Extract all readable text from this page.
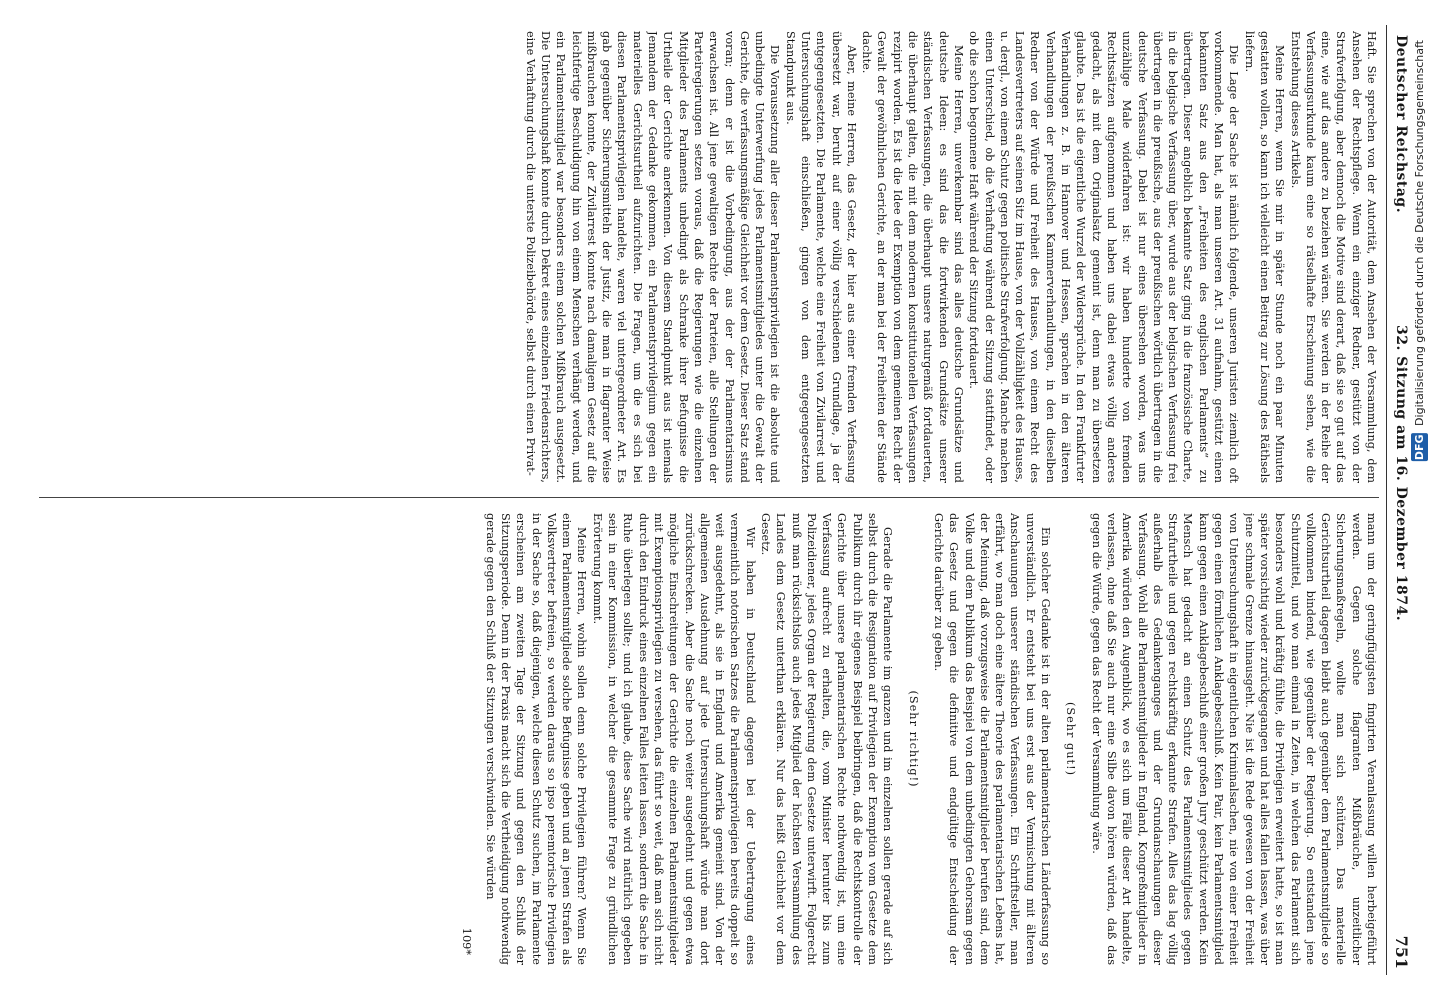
Deutscher Reichstag.
32. Sitzung am 16. Dezember 1874.
751

Haft. Sie sprechen von der Autorität, dem Ansehen der Versammlung, dem Ansehen der Rechtspflege. Wenn ein einziger Redner, gestützt von der Strafverfolgung, aber dennoch die Motive sind derart, daß sie so gut auf das eine, wie auf das andere zu beziehen wären. Sie werden in der Reihe der Verfassungsurkunde kaum eine so rätselhafte Erscheinung sehen, wie die Entstehung dieses Artikels.

Meine Herren, wenn Sie mir in später Stunde noch ein paar Minuten gestatten wollen, so kann ich vielleicht einen Beitrag zur Lösung des Räthsels liefern.

Die Lage der Sache ist nämlich folgende, unseren Juristen ziemlich oft vorkommende. Man hat, als man unseren Art. 31 aufnahm, gestützt einen bekannten Satz aus den „Freiheiten des englischen Parlaments“ zu übertragen. Dieser angeblich bekannte Satz ging in die französische Charte, in die belgische Verfassung über, wurde aus der belgischen Verfassung frei übertragen in die preußische, aus der preußischen wörtlich übertragen in die deutsche Verfassung. Dabei ist nur eines übersehen worden, was uns unzählige Male widerfahren ist: wir haben hunderte von fremden Rechtssätzen aufgenommen und haben uns dabei etwas völlig anderes gedacht, als mit dem Originalsatz gemeint ist, denn man zu übersetzen glaubte. Das ist die eigentliche Wurzel der Widersprüche. In den Frankfurter Verhandlungen z. B. in Hannover und Hessen, sprachen in den älteren Verhandlungen der preußischen Kammerverhandlungen, in den dieselben Redner von der Würde und Freiheit des Hauses, von einem Recht des Landesvertreters auf seinen Sitz im Hause, von der Vollzähligkeit des Hauses, u. dergl., von einem Schutz gegen politische Strafverfolgung. Manche machen einen Unterschied, ob die Verhaftung während der Sitzung stattfindet, oder ob die schon begonnene Haft während der Sitzung fortdauert.

Meine Herren, unverkennbar sind das alles deutsche Grundsätze und deutsche Ideen: es sind das die fortwirkenden Grundsätze unserer ständischen Verfassungen, die überhaupt unsere naturgemäß fortdauerten, die überhaupt galten, die mit dem modernen konstitutionellen Verfassungen rezipirt worden. Es ist die Idee der Exemption von dem gemeinen Recht der Gewalt der gewöhnlichen Gerichte, an der man bei der Freiheiten der Stände dachte.

Aber, meine Herren, das Gesetz, der hier aus einer fremden Verfassung übersetzt war, beruht auf einer völlig verschiedenen Grundlage, ja der entgegengesetzten. Die Parlamente, welche eine Freiheit von Zivilarrest und Untersuchungshaft einschließen, gingen von dem entgegengesetzten Standpunkt aus.

Die Voraussetzung aller dieser Parlamentsprivilegien ist die absolute und unbedingte Unterwerfung jedes Parlamentsmitgliedes unter die Gewalt der Gerichte, die verfassungsmäßige Gleichheit vor dem Gesetz. Dieser Satz stand voran; denn er ist die Vorbedingung, aus der der Parlamentarismus erwachsen ist. All jene gewaltigen Rechte der Parteien, alle Stellungen der Parteiregierungen setzen voraus, daß die Regierungen wie die einzelnen Mitglieder des Parlaments unbedingt als Schranke ihrer Befugnisse die Urtheile der Gerichte anerkennen. Von diesem Standpunkt aus ist niemals Jemandem der Gedanke gekommen, ein Parlamentsprivilegium gegen ein materielles Gerichtsurtheil aufzurichten. Die Fragen, um die es sich bei diesen Parlamentsprivilegien handelte, waren viel untergeordneter Art. Es gab gegenüber Sicherungsmitteln der Justiz, die man in flagranter Weise mißbrauchen konnte, der Zivilarrest konnte nach damaligem Gesetz auf die leichtfertige Beschuldigung hin von einem Menschen verhängt werden, und ein Parlamentsmitglied war besonders einem solchen Mißbrauch ausgesetzt. Die Untersuchungshaft konnte durch Dekret eines einzelnen Friedensrichters, eine Verhaftung durch die unterste Polizeibehörde, selbst durch einen Privat-

mann um der geringfügigsten fingirten Veranlassung willen herbeigeführt werden. Gegen solche flagranten Mißbräuche, unzeitlicher Sicherungsmaßregeln, wollte man sich schützen. Das materielle Gerichtsurtheil dagegen bleibt auch gegenüber dem Parlamentsmitgliede so vollkommen bindend, wie gegenüber der Regierung. So entstanden jene Schutzmittel, und wo man einmal in Zeiten, in welchen das Parlament sich besonders wohl und kräftig fühlte, die Privilegien erweitert hatte, so ist man später vorsichtig wieder zurückgegangen und hat alles fallen lassen, was über jene schmale Grenze hinausgeht. Nie ist die Rede gewesen von der Freiheit von Untersuchungshaft in eigentlichen Kriminalsachen, nie von einer Freiheit gegen einen förmlichen Anklagebeschluß. Kein Pair, kein Parlamentsmitglied kann gegen einen Anklagebeschluß einer großen Jury geschützt werden. Kein Mensch hat gedacht an einen Schutz des Parlamentsmitgliedes gegen Strafurtheile und gegen rechtskräftig erkannte Strafen. Alles das lag völlig außerhalb des Gedankenganges und der Grundanschauungen dieser Verfassung. Wohl alle Parlamentsmitglieder in England, Kongreßmitglieder in Amerika würden den Augenblick, wo es sich um Fälle dieser Art handelte, verlassen, ohne daß Sie auch nur eine Silbe davon hören würden, daß das gegen die Würde, gegen das Recht der Versammlung wäre.

(Sehr gut!)

Ein solcher Gedanke ist in der alten parlamentarischen Länderfassung so unverständlich. Er entsteht bei uns erst aus der Vermischung mit älteren Anschauungen unserer ständischen Verfassungen. Ein Schriftsteller, man erfährt, wo man doch eine ältere Theorie des parlamentarischen Lebens hat, der Meinung, daß vorzugsweise die Parlamentsmitglieder berufen sind, dem Volke und dem Publikum das Beispiel von dem unbedingten Gehorsam gegen das Gesetz und gegen die definitive und endgültige Entscheidung der Gerichte darüber zu geben.

(Sehr richtig!)

Gerade die Parlamente im ganzen und im einzelnen sollen gerade auf sich selbst durch die Resignation auf Privilegien der Exemption vom Gesetze dem Publikum durch ihr eigenes Beispiel beibringen, daß die Rechtskontrolle der Gerichte über unsere parlamentarischen Rechte nothwendig ist, um eine Verfassung aufrecht zu erhalten, die, vom Minister herunter bis zum Polizeidiener, jedes Organ der Regierung dem Gesetze unterwirft. Folgerecht muß man rücksichtslos auch jedes Mitglied der höchsten Versammlung des Landes dem Gesetz unterthan erklären. Nur das heißt Gleichheit vor dem Gesetz.

Wir haben in Deutschland dagegen bei der Uebertragung eines vermeintlich notorischen Satzes die Parlamentsprivilegien bereits doppelt so weit ausgedehnt, als sie in England und Amerika gemeint sind. Von der allgemeinen Ausdehnung auf jede Untersuchungshaft würde man dort zurückschrecken. Aber die Sache noch weiter ausgedehnt und gegen etwa mögliche Einschreitungen der Gerichte die einzelnen Parlamentsmitglieder mit Exemptionsprivilegien zu versehen, das führt so weit, daß man sich nicht durch den Eindruck eines einzelnen Falles leiten lassen, sondern die Sache in Ruhe überlegen sollte; und ich glaube, diese Sache wird natürlich gegeben sein in einer Kommission, in welcher die gesammte Frage zu gründlichen Erörterung kommt.

Meine Herren, wohin sollen denn solche Privilegien führen? Wenn Sie einem Parlamentsmitgliede solche Befugnisse geben und an jenen Strafen als Volksvertreter befreien, so werden daraus so ipso peremtorische Privilegien in der Sache so, daß diejenigen, welche diesen Schutz suchen, im Parlamente erscheinen am zweiten Tage der Sitzung und gegen den Schluß der Sitzungsperiode. Denn in der Praxis macht sich die Vertheidigung nothwendig gerade gegen den Schluß der Sitzungen verschwinden. Sie würden

109*
DFG Digitalisierung gefördert durch die Deutsche Forschungsgemeinschaft
